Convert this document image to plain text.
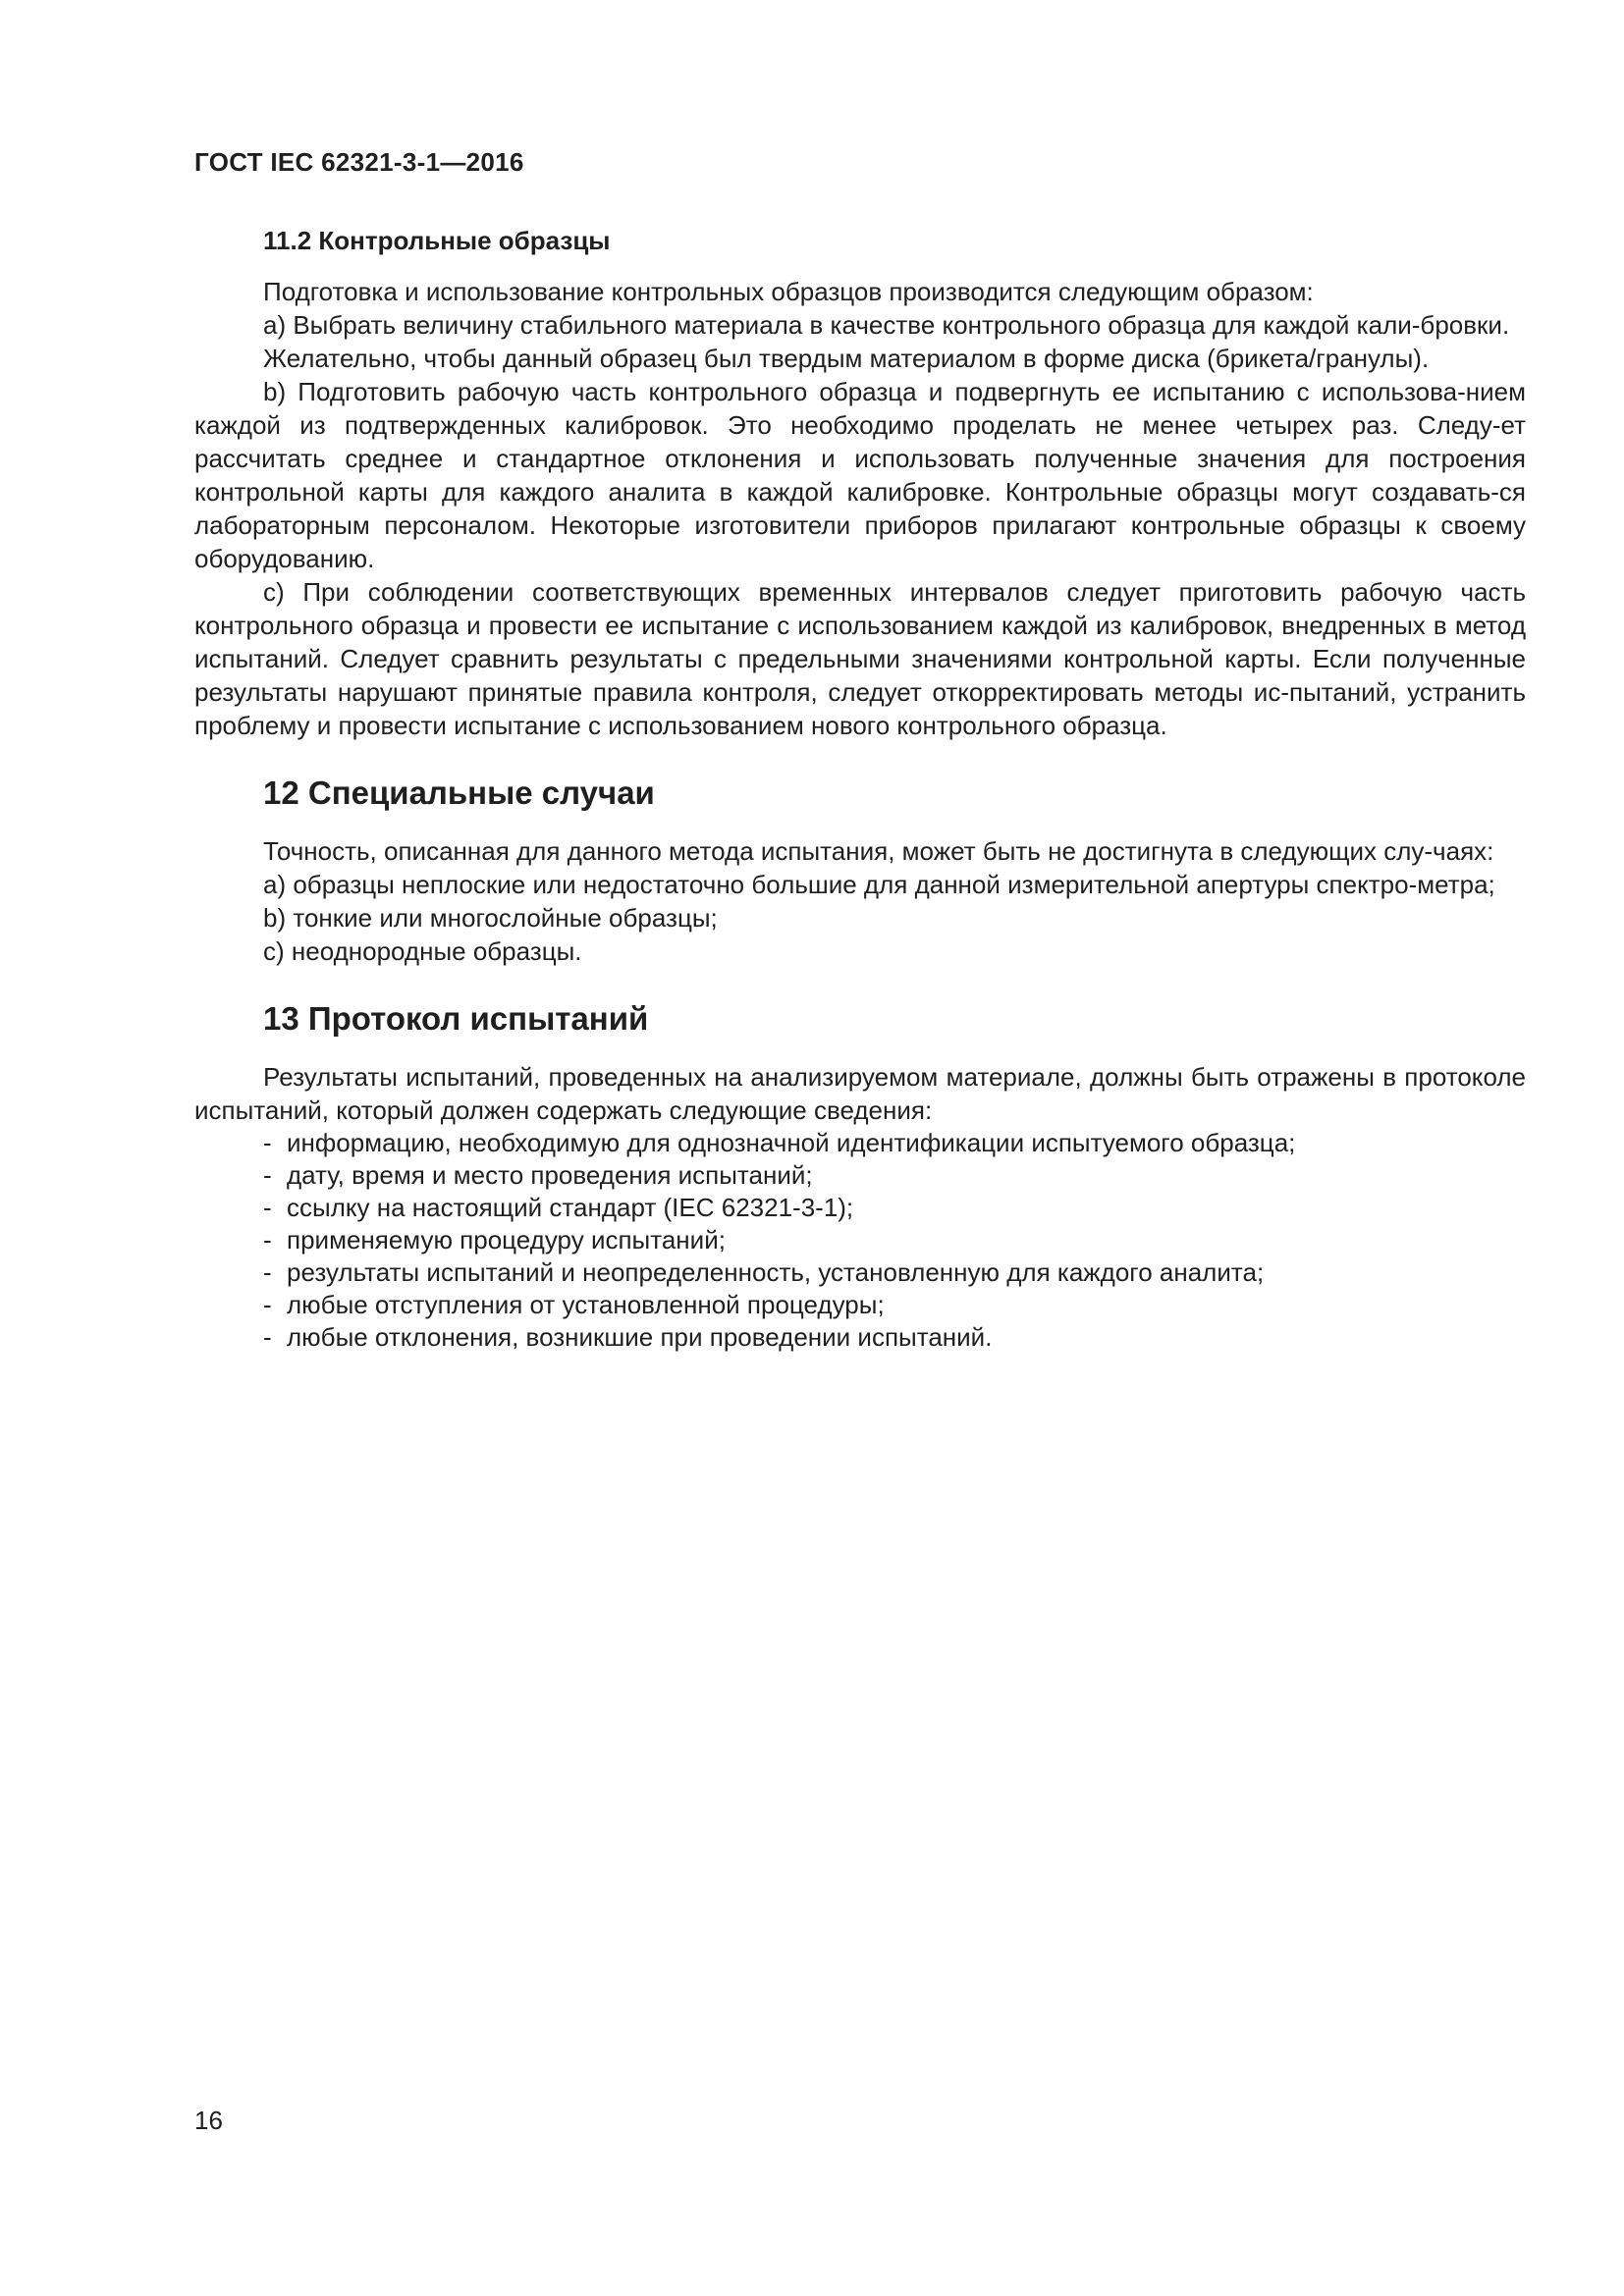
ГОСТ IEC 62321-3-1—2016
11.2 Контрольные образцы

Подготовка и использование контрольных образцов производится следующим образом:

a) Выбрать величину стабильного материала в качестве контрольного образца для каждой кали-бровки.

Желательно, чтобы данный образец был твердым материалом в форме диска (брикета/гранулы).

b) Подготовить рабочую часть контрольного образца и подвергнуть ее испытанию с использова-нием каждой из подтвержденных калибровок. Это необходимо проделать не менее четырех раз. Следу-ет рассчитать среднее и стандартное отклонения и использовать полученные значения для построения контрольной карты для каждого аналита в каждой калибровке. Контрольные образцы могут создавать-ся лабораторным персоналом. Некоторые изготовители приборов прилагают контрольные образцы к своему оборудованию.

c) При соблюдении соответствующих временных интервалов следует приготовить рабочую часть контрольного образца и провести ее испытание с использованием каждой из калибровок, внедренных в метод испытаний. Следует сравнить результаты с предельными значениями контрольной карты. Если полученные результаты нарушают принятые правила контроля, следует откорректировать методы ис-пытаний, устранить проблему и провести испытание с использованием нового контрольного образца.

12 Специальные случаи

Точность, описанная для данного метода испытания, может быть не достигнута в следующих слу-чаях:

a) образцы неплоские или недостаточно большие для данной измерительной апертуры спектро-метра;

b) тонкие или многослойные образцы;

c) неоднородные образцы.

13 Протокол испытаний

Результаты испытаний, проведенных на анализируемом материале, должны быть отражены в протоколе испытаний, который должен содержать следующие сведения:

- информацию, необходимую для однозначной идентификации испытуемого образца;
- дату, время и место проведения испытаний;
- ссылку на настоящий стандарт (IEC 62321-3-1);
- применяемую процедуру испытаний;
- результаты испытаний и неопределенность, установленную для каждого аналита;
- любые отступления от установленной процедуры;
- любые отклонения, возникшие при проведении испытаний.
16
